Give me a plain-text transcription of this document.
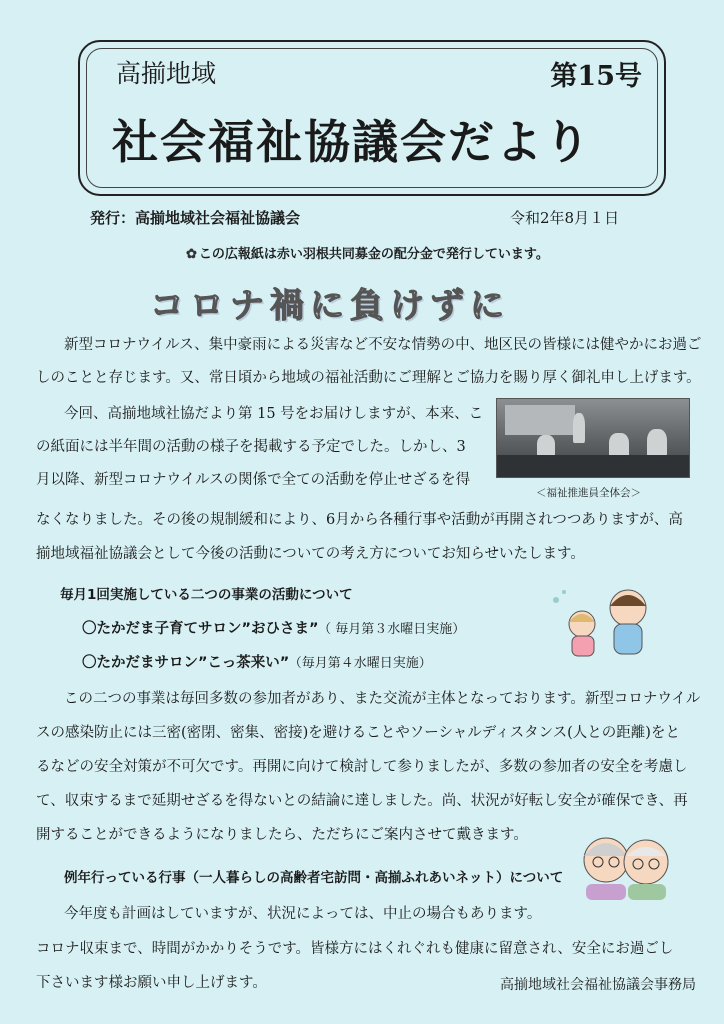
高揃地域	第15号
社会福祉協議会だより
発行：高揃地域社会福祉協議会	令和2年8月１日
✿ この広報紙は赤い羽根共同募金の配分金で発行しています。
コロナ禍に負けずに
新型コロナウイルス、集中豪雨による災害など不安な情勢の中、地区民の皆様には健やかにお過ご
しのことと存じます。又、常日頃から地域の福祉活動にご理解とご協力を賜り厚く御礼申し上げます。
今回、高揃地域社協だより第 15 号をお届けしますが、本来、こ
の紙面には半年間の活動の様子を掲載する予定でした。しかし、3
月以降、新型コロナウイルスの関係で全ての活動を停止せざるを得
なくなりました。その後の規制緩和により、6月から各種行事や活動が再開されつつありますが、高
揃地域福祉協議会として今後の活動についての考え方についてお知らせいたします。
＜福祉推進員全体会＞
毎月1回実施している二つの事業の活動について
〇たかだま子育てサロン”おひさま” （ 毎月第３水曜日実施）
〇たかだまサロン”こっ茶来い” （毎月第４水曜日実施）
この二つの事業は毎回多数の参加者があり、また交流が主体となっております。新型コロナウイル
スの感染防止には三密(密閉、密集、密接)を避けることやソーシャルディスタンス(人との距離)をと
るなどの安全対策が不可欠です。再開に向けて検討して参りましたが、多数の参加者の安全を考慮し
て、収束するまで延期せざるを得ないとの結論に達しました。尚、状況が好転し安全が確保でき、再
開することができるようになりましたら、ただちにご案内させて戴きます。
例年行っている行事（一人暮らしの高齢者宅訪問・高揃ふれあいネット）について
今年度も計画はしていますが、状況によっては、中止の場合もあります。
コロナ収束まで、時間がかかりそうです。皆様方にはくれぐれも健康に留意され、安全にお過ごし
下さいます様お願い申し上げます。	高揃地域社会福祉協議会事務局
